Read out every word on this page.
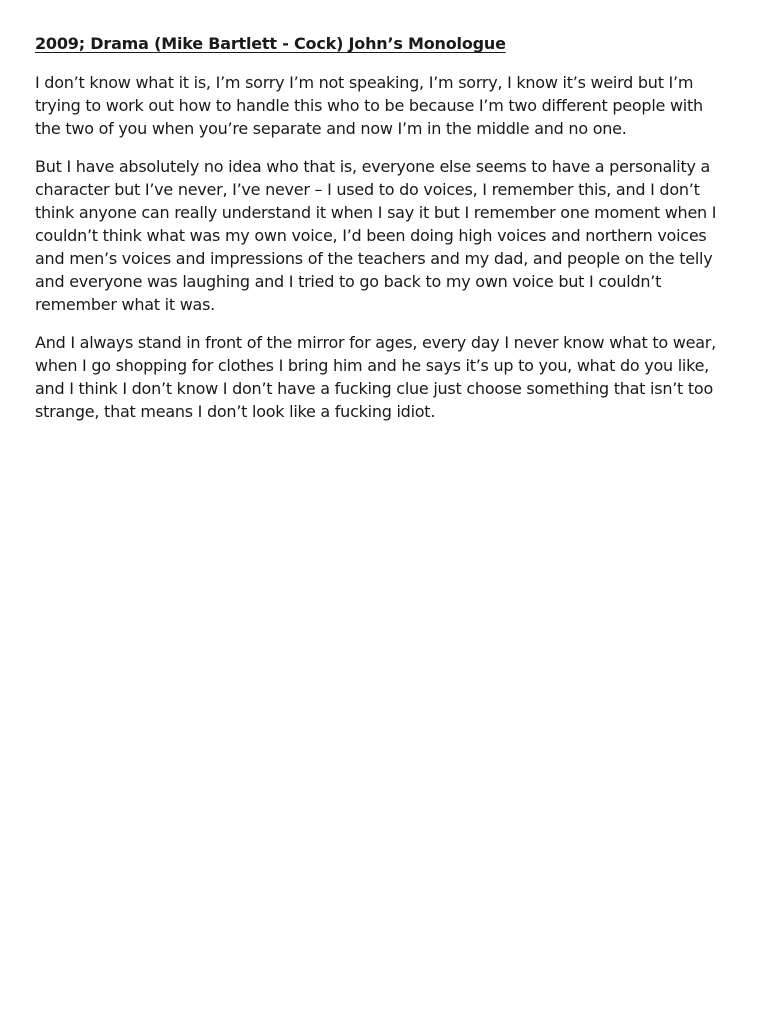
2009; Drama (Mike Bartlett - Cock) John’s Monologue

I don’t know what it is, I’m sorry I’m not speaking, I’m sorry, I know it’s weird but I’m trying to work out how to handle this who to be because I’m two different people with the two of you when you’re separate and now I’m in the middle and no one.

But I have absolutely no idea who that is, everyone else seems to have a personality a character but I’ve never, I’ve never – I used to do voices, I remember this, and I don’t think anyone can really understand it when I say it but I remember one moment when I couldn’t think what was my own voice, I’d been doing high voices and northern voices and men’s voices and impressions of the teachers and my dad, and people on the telly and everyone was laughing and I tried to go back to my own voice but I couldn’t remember what it was.

And I always stand in front of the mirror for ages, every day I never know what to wear, when I go shopping for clothes I bring him and he says it’s up to you, what do you like, and I think I don’t know I don’t have a fucking clue just choose something that isn’t too strange, that means I don’t look like a fucking idiot.
